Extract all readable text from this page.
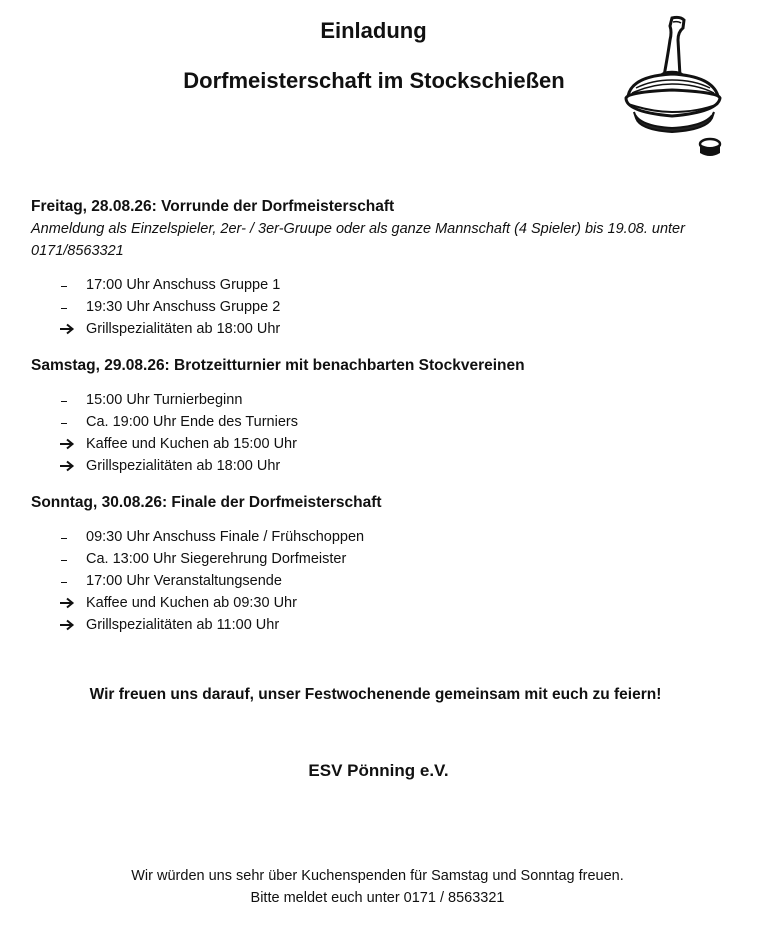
Einladung
Dorfmeisterschaft im Stockschießen

Freitag, 28.08.26: Vorrunde der Dorfmeisterschaft

Anmeldung als Einzelspieler, 2er- / 3er-Gruupe oder als ganze Mannschaft (4 Spieler) bis 19.08. unter 0171/8563321

17:00 Uhr Anschuss Gruppe 1
19:30 Uhr Anschuss Gruppe 2
Grillspezialitäten ab 18:00 Uhr

Samstag, 29.08.26: Brotzeitturnier mit benachbarten Stockvereinen

15:00 Uhr Turnierbeginn
Ca. 19:00 Uhr Ende des Turniers
Kaffee und Kuchen ab 15:00 Uhr
Grillspezialitäten ab 18:00 Uhr

Sonntag, 30.08.26: Finale der Dorfmeisterschaft

09:30 Uhr Anschuss Finale / Frühschoppen
Ca. 13:00 Uhr Siegerehrung Dorfmeister
17:00 Uhr Veranstaltungsende
Kaffee und Kuchen ab 09:30 Uhr
Grillspezialitäten ab 11:00 Uhr

Wir freuen uns darauf, unser Festwochenende gemeinsam mit euch zu feiern!

ESV Pönning e.V.

Wir würden uns sehr über Kuchenspenden für Samstag und Sonntag freuen.

Bitte meldet euch unter 0171 / 8563321
